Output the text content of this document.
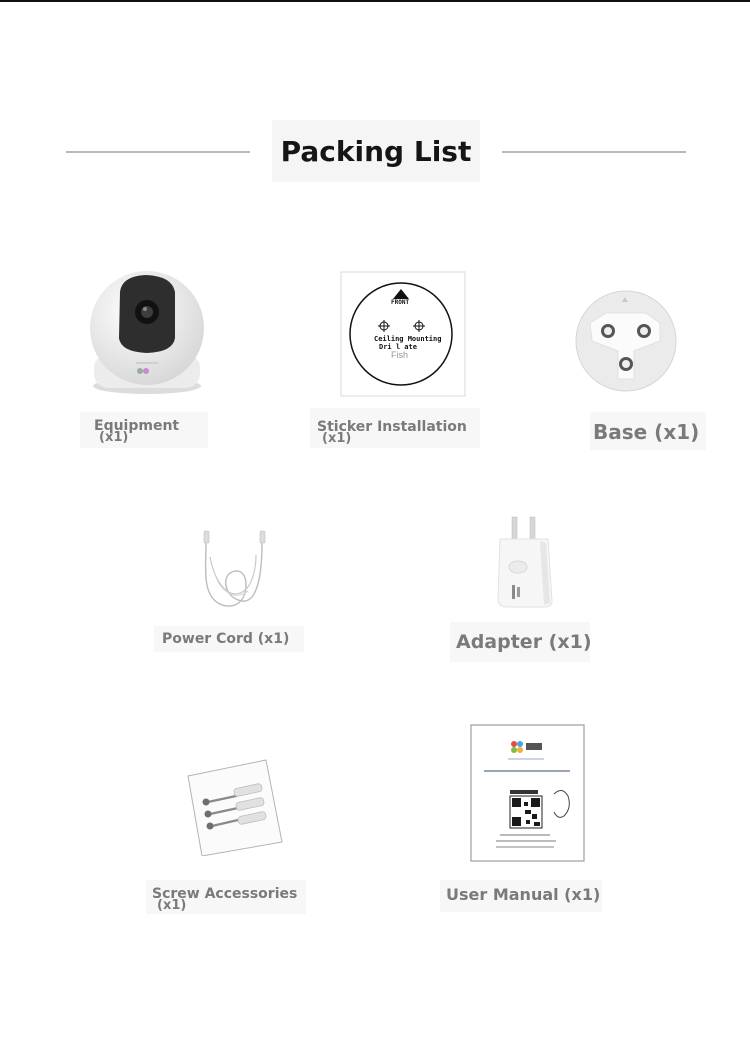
Packing List
Equipment
(x1)
FRONT
Ceiling Mounting
Dri l ate
Fish
Sticker Installation
(x1)	Base (x1)
Power Cord (x1)	Adapter (x1)
Screw Accessories
(x1)
User Manual (x1)
